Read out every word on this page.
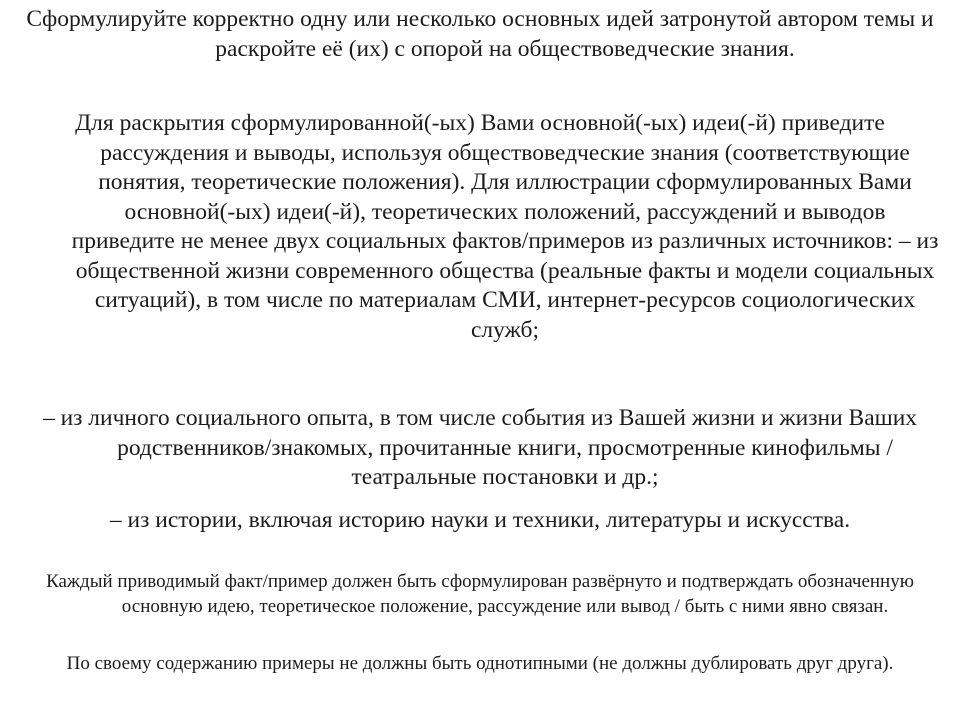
Сформулируйте корректно одну или несколько основных идей затронутой автором темы и раскройте её (их) с опорой на обществоведческие знания.

Для раскрытия сформулированной(-ых) Вами основной(-ых) идеи(-й) приведите рассуждения и выводы, используя обществоведческие знания (соответствующие понятия, теоретические положения). Для иллюстрации сформулированных Вами основной(-ых) идеи(-й), теоретических положений, рассуждений и выводов приведите не менее двух социальных фактов/примеров из различных источников: – из общественной жизни современного общества (реальные факты и модели социальных ситуаций), в том числе по материалам СМИ, интернет-ресурсов социологических служб;

– из личного социального опыта, в том числе события из Вашей жизни и жизни Ваших родственников/знакомых, прочитанные книги, просмотренные кинофильмы / театральные постановки и др.;

– из истории, включая историю науки и техники, литературы и искусства.

Каждый приводимый факт/пример должен быть сформулирован развёрнуто и подтверждать обозначенную основную идею, теоретическое положение, рассуждение или вывод / быть с ними явно связан.

По своему содержанию примеры не должны быть однотипными (не должны дублировать друг друга).
